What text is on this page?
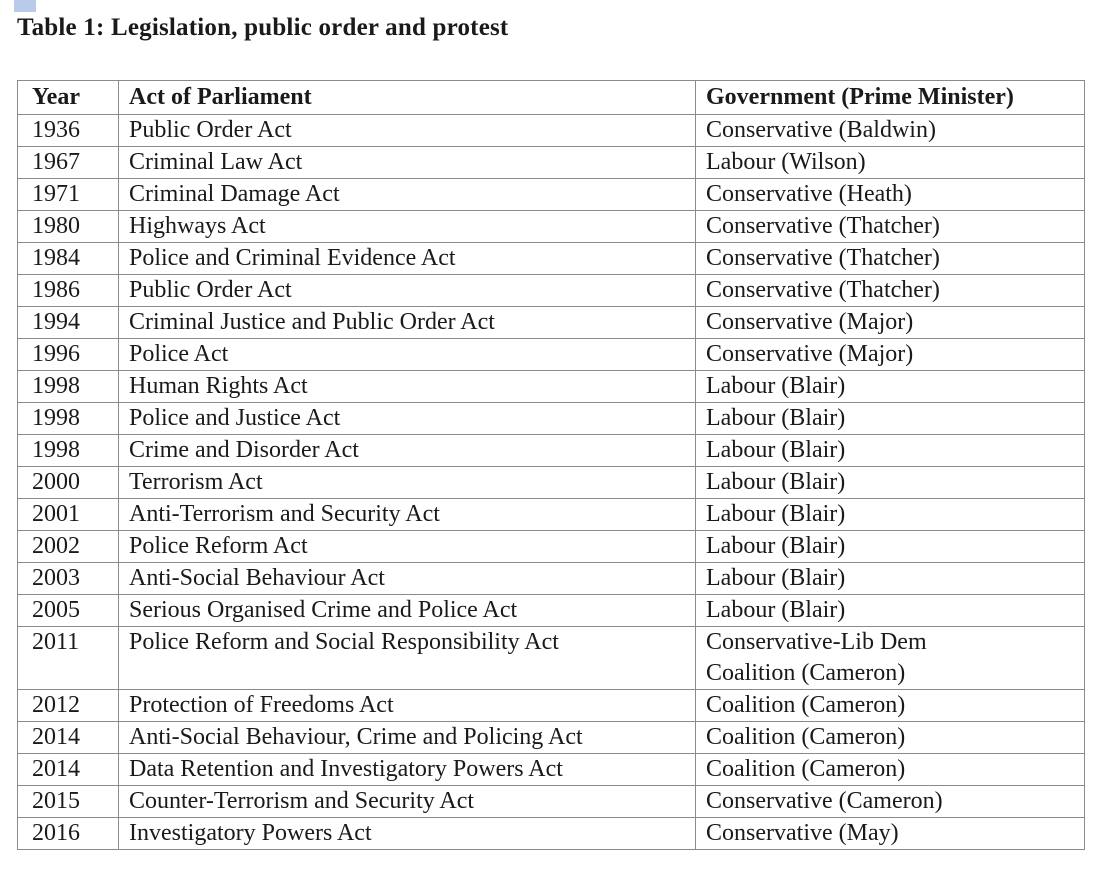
Table 1: Legislation, public order and protest
Year	Act of Parliament	Government (Prime Minister)
1936	Public Order Act	Conservative (Baldwin)
1967	Criminal Law Act	Labour (Wilson)
1971	Criminal Damage Act	Conservative (Heath)
1980	Highways Act	Conservative (Thatcher)
1984	Police and Criminal Evidence Act	Conservative (Thatcher)
1986	Public Order Act	Conservative (Thatcher)
1994	Criminal Justice and Public Order Act	Conservative (Major)
1996	Police Act	Conservative (Major)
1998	Human Rights Act	Labour (Blair)
1998	Police and Justice Act	Labour (Blair)
1998	Crime and Disorder Act	Labour (Blair)
2000	Terrorism Act	Labour (Blair)
2001	Anti-Terrorism and Security Act	Labour (Blair)
2002	Police Reform Act	Labour (Blair)
2003	Anti-Social Behaviour Act	Labour (Blair)
2005	Serious Organised Crime and Police Act	Labour (Blair)
2011	Police Reform and Social Responsibility Act	Conservative-Lib Dem
Coalition (Cameron)
2012	Protection of Freedoms Act	Coalition (Cameron)
2014	Anti-Social Behaviour, Crime and Policing Act	Coalition (Cameron)
2014	Data Retention and Investigatory Powers Act	Coalition (Cameron)
2015	Counter-Terrorism and Security Act	Conservative (Cameron)
2016	Investigatory Powers Act	Conservative (May)
